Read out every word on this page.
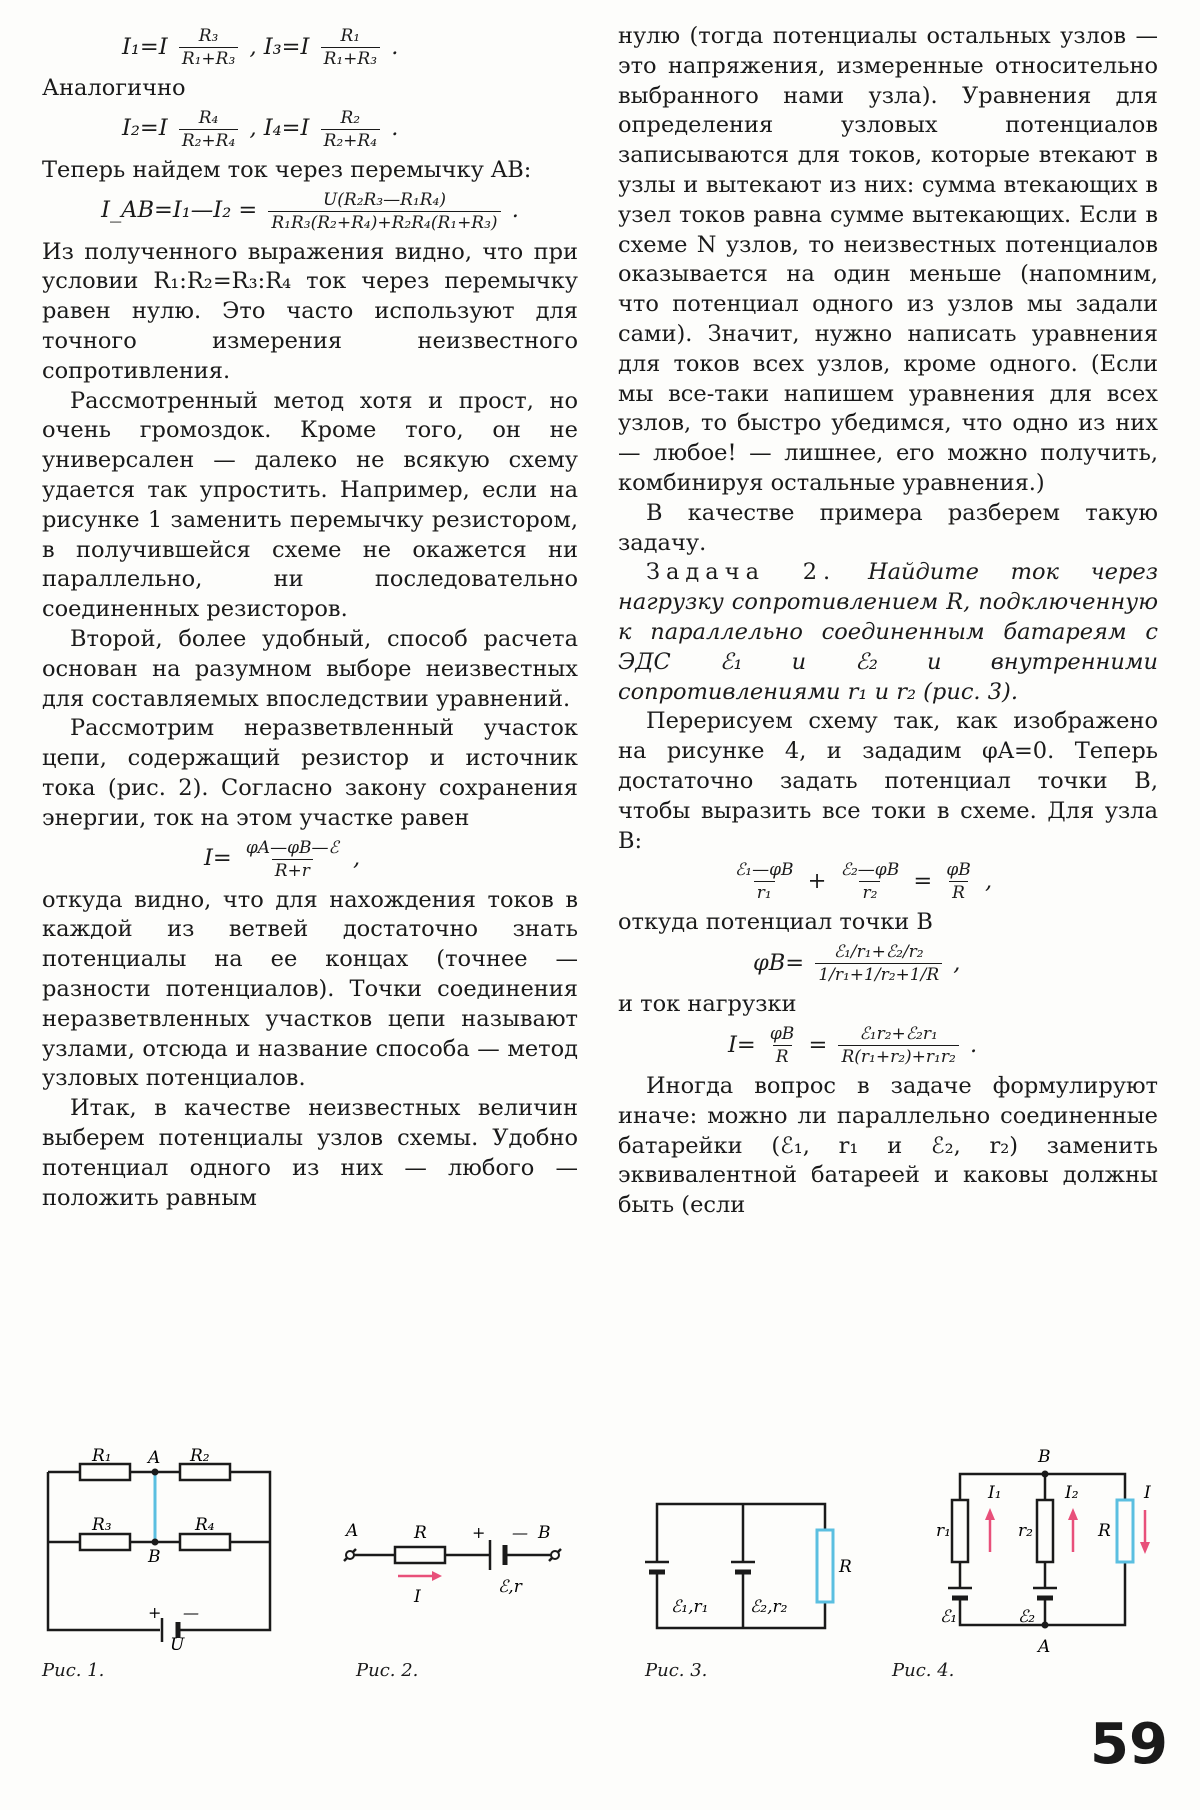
$I_1=I \frac{\text{R₃}}{\text{R₁+R₃}}$ , $I_3=I \frac{\text{R₁}}{\text{R₁+R₃}}$ .

Аналогично

$I_2=I \frac{\text{R₄}}{\text{R₂+R₄}}$ , $I_4=I \frac{\text{R₂}}{\text{R₂+R₄}}$ .

Теперь найдем ток через перемычку AB:

I_AB=I₁—I₂ = $\frac{\text{U(R₂R₃—R₁R₄)}}{\text{R₁R₃(R₂+R₄)+R₂R₄(R₁+R₃)}}$ .

Из полученного выражения видно, что при условии R₁:R₂=R₃:R₄ ток через перемычку равен нулю. Это часто используют для точного измерения неизвестного сопротивления.

Рассмотренный метод хотя и прост, но очень громоздок. Кроме того, он не универсален — далеко не всякую схему удается так упростить. Например, если на рисунке 1 заменить перемычку резистором, в получившейся схеме не окажется ни параллельно, ни последовательно соединенных резисторов.

Второй, более удобный, способ расчета основан на разумном выборе неизвестных для составляемых впоследствии уравнений.

Рассмотрим неразветвленный участок цепи, содержащий резистор и источник тока (рис. 2). Согласно закону сохранения энергии, ток на этом участке равен

$I= \frac{\text{φA—φB—ℰ}}{R+r}$ ,

откуда видно, что для нахождения токов в каждой из ветвей достаточно знать потенциалы на ее концах (точнее — разности потенциалов). Точки соединения неразветвленных участков цепи называют узлами, отсюда и название способа — метод узловых потенциалов.

Итак, в качестве неизвестных величин выберем потенциалы узлов схемы. Удобно потенциал одного из них — любого — положить равным

нулю (тогда потенциалы остальных узлов — это напряжения, измеренные относительно выбранного нами узла). Уравнения для определения узловых потенциалов записываются для токов, которые втекают в узлы и вытекают из них: сумма втекающих в узел токов равна сумме вытекающих. Если в схеме N узлов, то неизвестных потенциалов оказывается на один меньше (напомним, что потенциал одного из узлов мы задали сами). Значит, нужно написать уравнения для токов всех узлов, кроме одного. (Если мы все-таки напишем уравнения для всех узлов, то быстро убедимся, что одно из них — любое! — лишнее, его можно получить, комбинируя остальные уравнения.)

В качестве примера разберем такую задачу.

Задача 2. Найдите ток через нагрузку сопротивлением R, подключенную к параллельно соединенным батареям с ЭДС ℰ₁ и ℰ₂ и внутренними сопротивлениями r₁ и r₂ (рис. 3).

Перерисуем схему так, как изображено на рисунке 4, и зададим φA=0. Теперь достаточно задать потенциал точки B, чтобы выразить все токи в схеме. Для узла B:

$\frac{\text{ℰ₁—φB}}{\text{r₁}} + \frac{\text{ℰ₂—φB}}{\text{r₂}} = \frac{\varphi B}{R}$ ,

откуда потенциал точки B

$\varphi B= \frac{\text{ℰ₁/r₁+ℰ₂/r₂}}{\text{1/r₁+1/r₂+1/R}}$ ,

и ток нагрузки

$I= \frac{\varphi B}{R} = \frac{\text{ℰ₁r₂+ℰ₂r₁}}{\text{R(r₁+r₂)+r₁r₂}}$ .

Иногда вопрос в задаче формулируют иначе: можно ли параллельно соединенные батарейки (ℰ₁, r₁ и ℰ₂, r₂) заменить эквивалентной батареей и каковы должны быть (если

R₁	R₂
R₃	R₄
A
B
+ —
U
Рис. 1.
A	R	+ — B
I	ℰ,r
Рис. 2.
ℰ₁,r₁ ℰ₂,r₂
R
Рис. 3.
B
A
I₁	I₂	I
r₁	r₂	R
ℰ₁	ℰ₂
Рис. 4.
59
